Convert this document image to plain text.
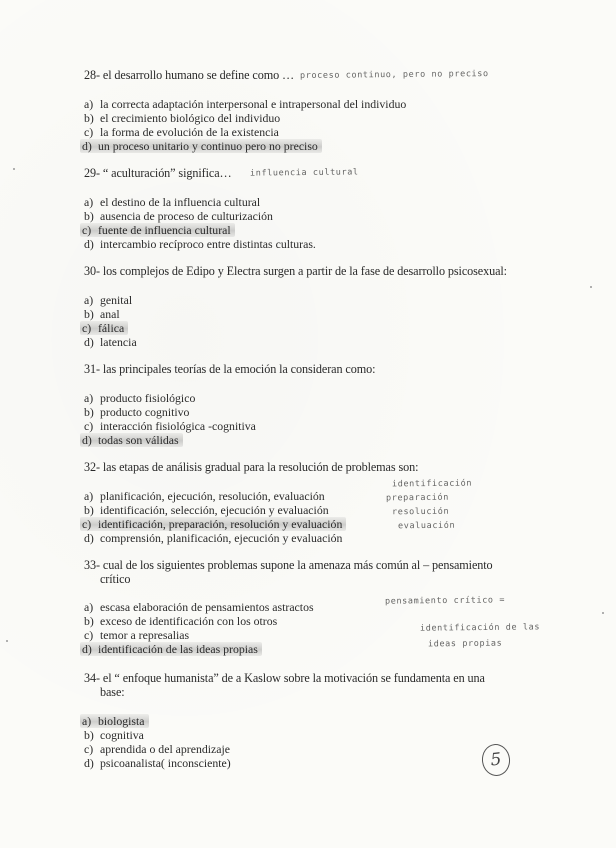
28- el desarrollo humano se define como … proceso continuo, pero no preciso
a) la correcta adaptación interpersonal e intrapersonal del individuo
b) el crecimiento biológico del individuo
c) la forma de evolución de la existencia
d) un proceso unitario y continuo pero no preciso
29- “ aculturación” significa… influencia cultural
a) el destino de la influencia cultural
b) ausencia de proceso de culturización
c) fuente de influencia cultural
d) intercambio recíproco entre distintas culturas.
30- los complejos de Edipo y Electra surgen a partir de la fase de desarrollo psicosexual:
a) genital
b) anal
c) fálica
d) latencia
31- las principales teorías de la emoción la consideran como:
a) producto fisiológico
b) producto cognitivo
c) interacción fisiológica -cognitiva
d) todas son válidas
32- las etapas de análisis gradual para la resolución de problemas son:
a) planificación, ejecución, resolución, evaluación
b) identificación, selección, ejecución y evaluación
c) identificación, preparación, resolución y evaluación
d) comprensión, planificación, ejecución y evaluación
identificación
preparación
resolución
evaluación
33- cual de los siguientes problemas supone la amenaza más común al – pensamiento
crítico
a) escasa elaboración de pensamientos astractos
b) exceso de identificación con los otros
c) temor a represalias
d) identificación de las ideas propias
pensamiento crítico =
identificación de las
ideas propias
34- el “ enfoque humanista” de a Kaslow sobre la motivación se fundamenta en una
base:
a) biologista
b) cognitiva
c) aprendida o del aprendizaje
d) psicoanalista( inconsciente)	5
